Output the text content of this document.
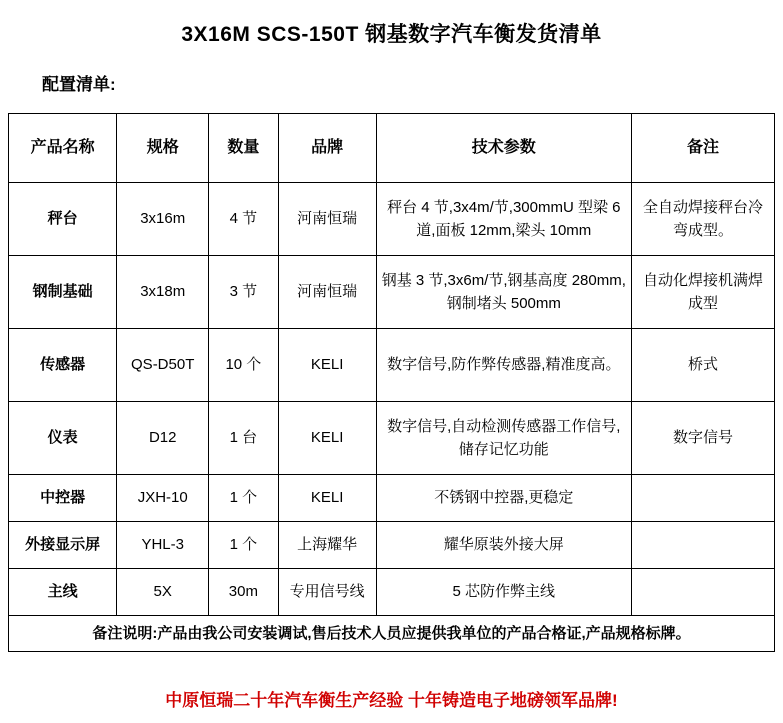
3X16M SCS-150T 钢基数字汽车衡发货清单
配置清单:
产品名称	规格	数量	品牌	技术参数	备注
秤台	3x16m	4 节	河南恒瑞	秤台 4 节,3x4m/节,300mmU 型梁 6 道,面板 12mm,梁头 10mm	全自动焊接秤台冷弯成型。
钢制基础	3x18m	3 节	河南恒瑞	钢基 3 节,3x6m/节,钢基高度 280mm, 钢制堵头 500mm	自动化焊接机满焊成型
传感器	QS-D50T	10 个	KELI	数字信号,防作弊传感器,精准度高。	桥式
仪表	D12	1 台	KELI	数字信号,自动检测传感器工作信号,储存记忆功能	数字信号
中控器	JXH-10	1 个	KELI	不锈钢中控器,更稳定	
外接显示屏	YHL-3	1 个	上海耀华	耀华原装外接大屏	
主线	5X	30m	专用信号线	5 芯防作弊主线	
备注说明:产品由我公司安装调试,售后技术人员应提供我单位的产品合格证,产品规格标牌。					
中原恒瑞二十年汽车衡生产经验 十年铸造电子地磅领军品牌!
